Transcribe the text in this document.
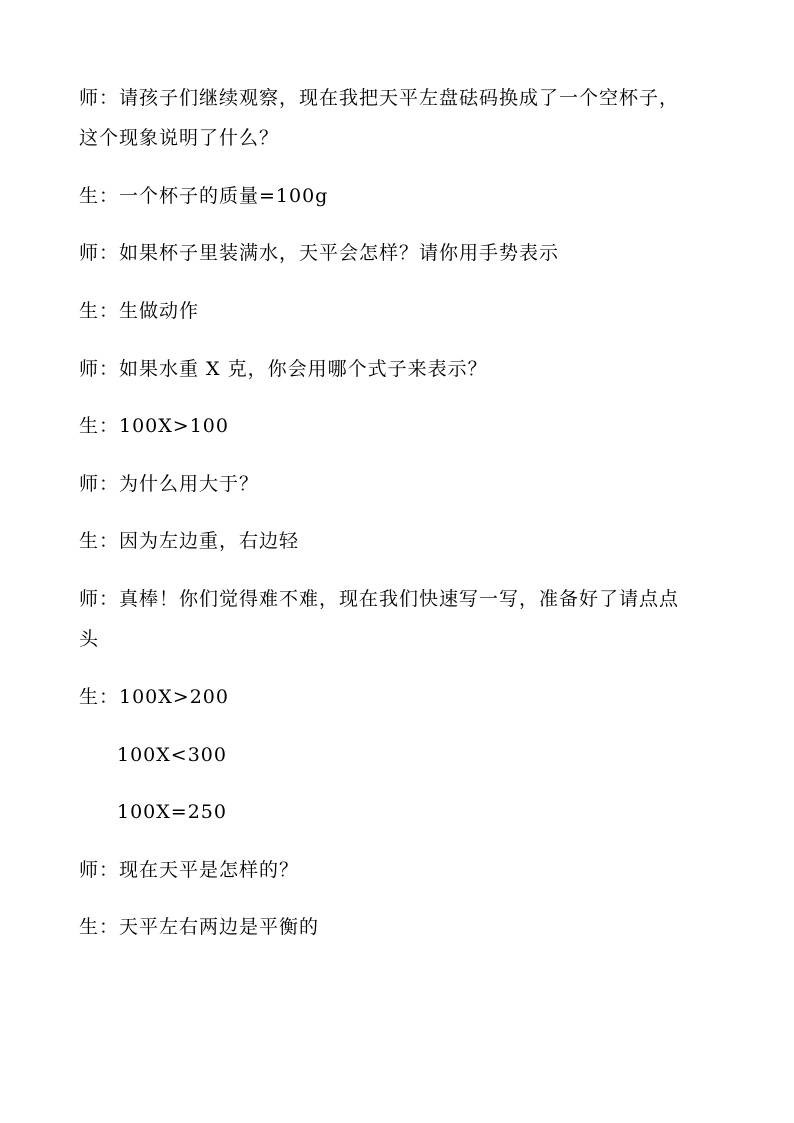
师：请孩子们继续观察，现在我把天平左盘砝码换成了一个空杯子，
这个现象说明了什么？
生：一个杯子的质量=100g
师：如果杯子里装满水，天平会怎样？请你用手势表示
生：生做动作
师：如果水重 X 克，你会用哪个式子来表示？
生：100X>100
师：为什么用大于？
生：因为左边重，右边轻
师：真棒！你们觉得难不难，现在我们快速写一写，准备好了请点点
头
生：100X>200
100X<300
100X=250
师：现在天平是怎样的？
生：天平左右两边是平衡的
